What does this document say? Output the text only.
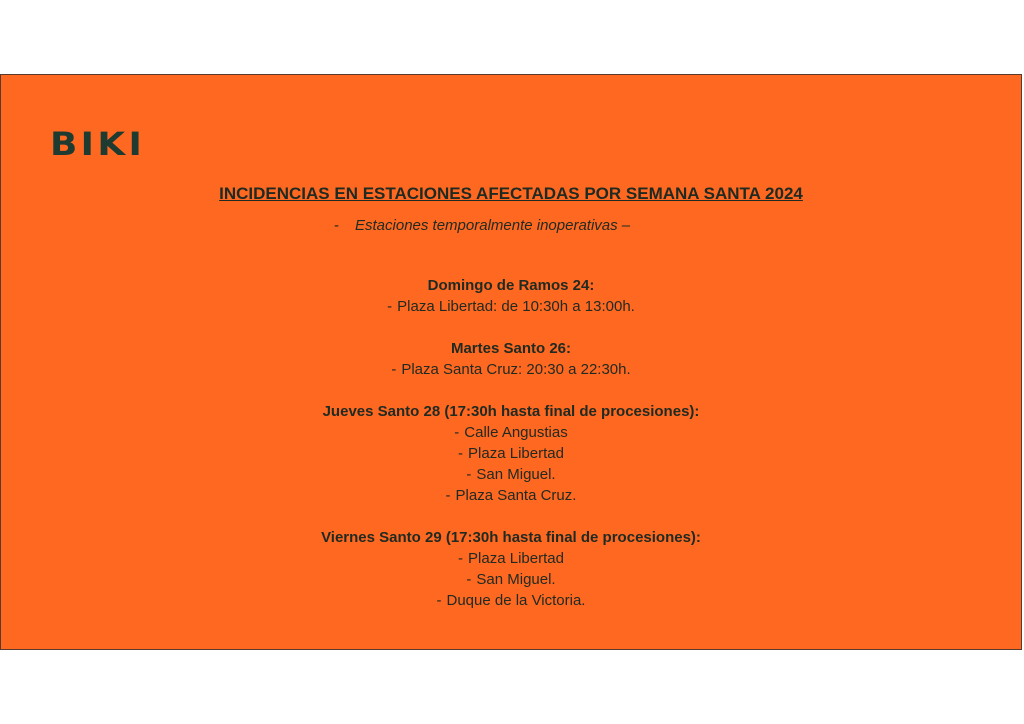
BIKI
INCIDENCIAS EN ESTACIONES AFECTADAS POR SEMANA SANTA 2024
- Estaciones temporalmente inoperativas –
Domingo de Ramos 24:
- Plaza Libertad: de 10:30h a 13:00h.
Martes Santo 26:
- Plaza Santa Cruz: 20:30 a 22:30h.
Jueves Santo 28 (17:30h hasta final de procesiones):
- Calle Angustias
- Plaza Libertad
- San Miguel.
- Plaza Santa Cruz.
Viernes Santo 29 (17:30h hasta final de procesiones):
- Plaza Libertad
- San Miguel.
- Duque de la Victoria.
